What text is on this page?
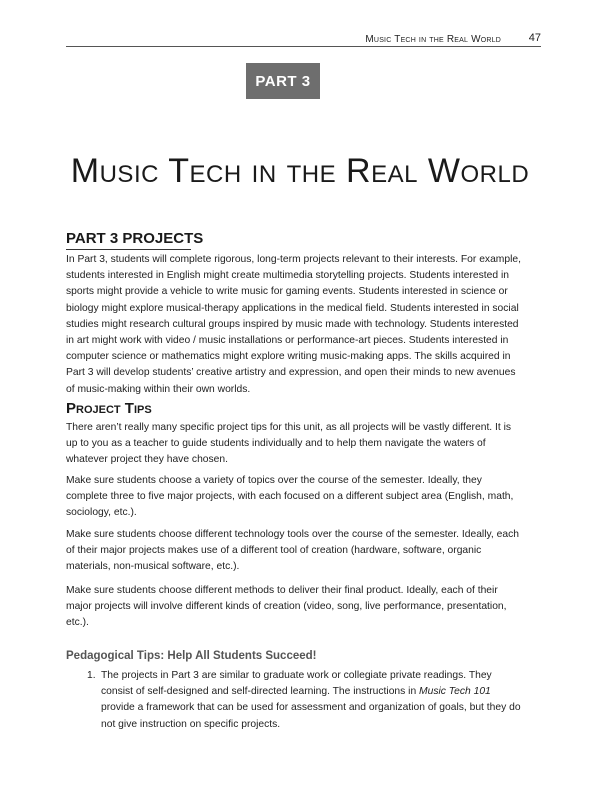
Music Tech in the Real World	47
PART 3
Music Tech in the Real World
PART 3 PROJECTS

In Part 3, students will complete rigorous, long-term projects relevant to their interests. For example, students interested in English might create multimedia storytelling projects. Students interested in sports might provide a vehicle to write music for gaming events. Students interested in science or biology might explore musical-therapy applications in the medical field. Students interested in social studies might research cultural groups inspired by music made with technology. Students interested in art might work with video / music installations or performance-art pieces. Students interested in computer science or mathematics might explore writing music-making apps. The skills acquired in Part 3 will develop students’ creative artistry and expression, and open their minds to new avenues of music-making within their own worlds.

Project Tips

There aren’t really many specific project tips for this unit, as all projects will be vastly different. It is up to you as a teacher to guide students individually and to help them navigate the waters of whatever project they have chosen.

Make sure students choose a variety of topics over the course of the semester. Ideally, they complete three to five major projects, with each focused on a different subject area (English, math, sociology, etc.).

Make sure students choose different technology tools over the course of the semester. Ideally, each of their major projects makes use of a different tool of creation (hardware, software, organic materials, non-musical software, etc.).

Make sure students choose different methods to deliver their final product. Ideally, each of their major projects will involve different kinds of creation (video, song, live performance, presentation, etc.).

Pedagogical Tips: Help All Students Succeed!
1. The projects in Part 3 are similar to graduate work or collegiate private readings. They consist of self-designed and self-directed learning. The instructions in Music Tech 101 provide a framework that can be used for assessment and organization of goals, but they do not give instruction on specific projects.
